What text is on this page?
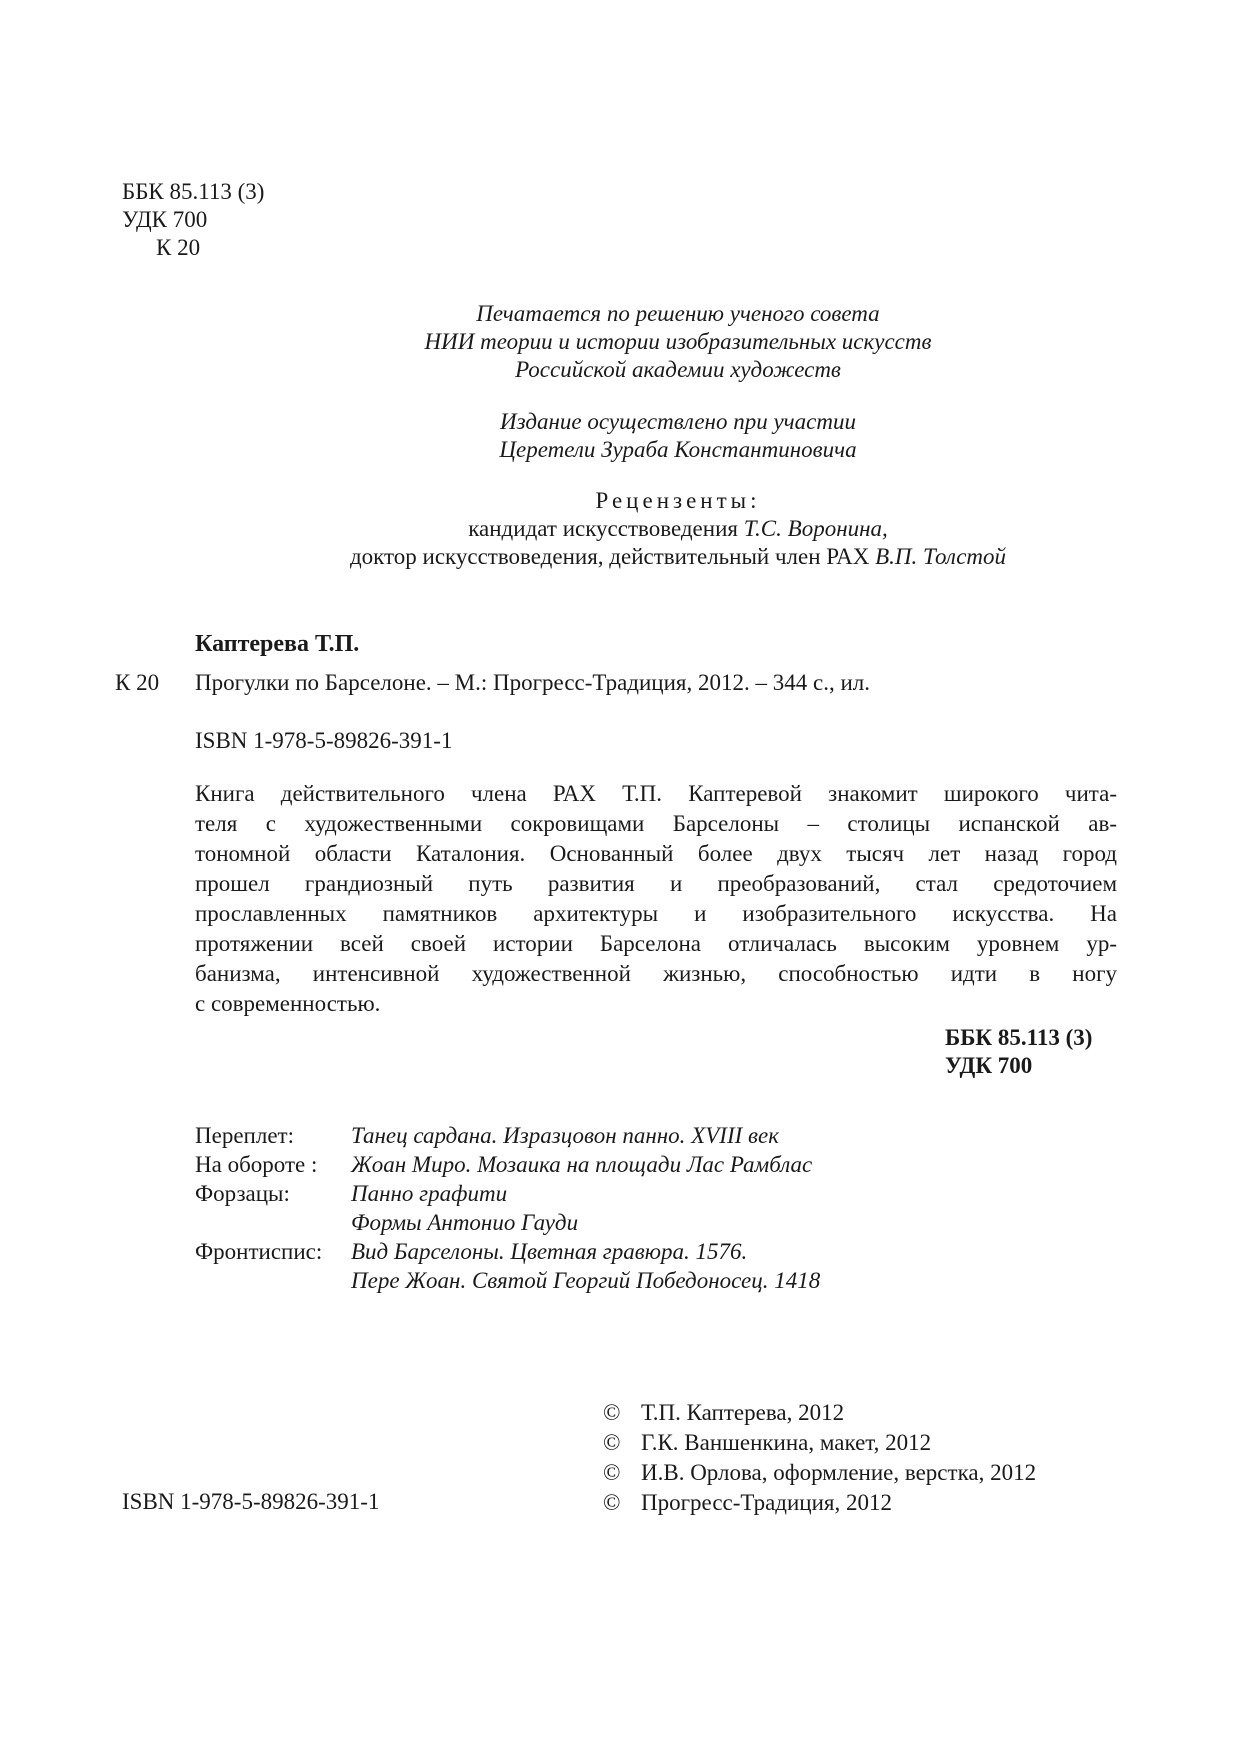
ББК 85.113 (3)
УДК 700
К 20
Печатается по решению ученого совета
НИИ теории и истории изобразительных искусств
Российской академии художеств
Издание осуществлено при участии
Церетели Зураба Константиновича
Рецензенты:
кандидат искусствоведения Т.С. Воронина,
доктор искусствоведения, действительный член РАХ В.П. Толстой
Каптерева Т.П.
К 20 Прогулки по Барселоне. – М.: Прогресс-Традиция, 2012. – 344 с., ил.
ISBN 1-978-5-89826-391-1
Книга действительного члена РАХ Т.П. Каптеревой знакомит широкого чита-
теля с художественными сокровищами Барселоны – столицы испанской ав-
тономной области Каталония. Основанный более двух тысяч лет назад город
прошел грандиозный путь развития и преобразований, стал средоточием
прославленных памятников архитектуры и изобразительного искусства. На
протяжении всей своей истории Барселона отличалась высоким уровнем ур-
банизма, интенсивной художественной жизнью, способностью идти в ногу
с современностью.
ББК 85.113 (3)
УДК 700
Переплет:	Танец сардана. Изразцовон панно. XVIII век
На обороте :	Жоан Миро. Мозаика на площади Лас Рамблас
Форзацы:	Панно графити
Формы Антонио Гауди
Фронтиспис:	Вид Барселоны. Цветная гравюра. 1576.
Пере Жоан. Святой Георгий Победоносец. 1418
© Т.П. Каптерева, 2012
© Г.К. Ваншенкина, макет, 2012
© И.В. Орлова, оформление, верстка, 2012
© Прогресс-Традиция, 2012
ISBN 1-978-5-89826-391-1
